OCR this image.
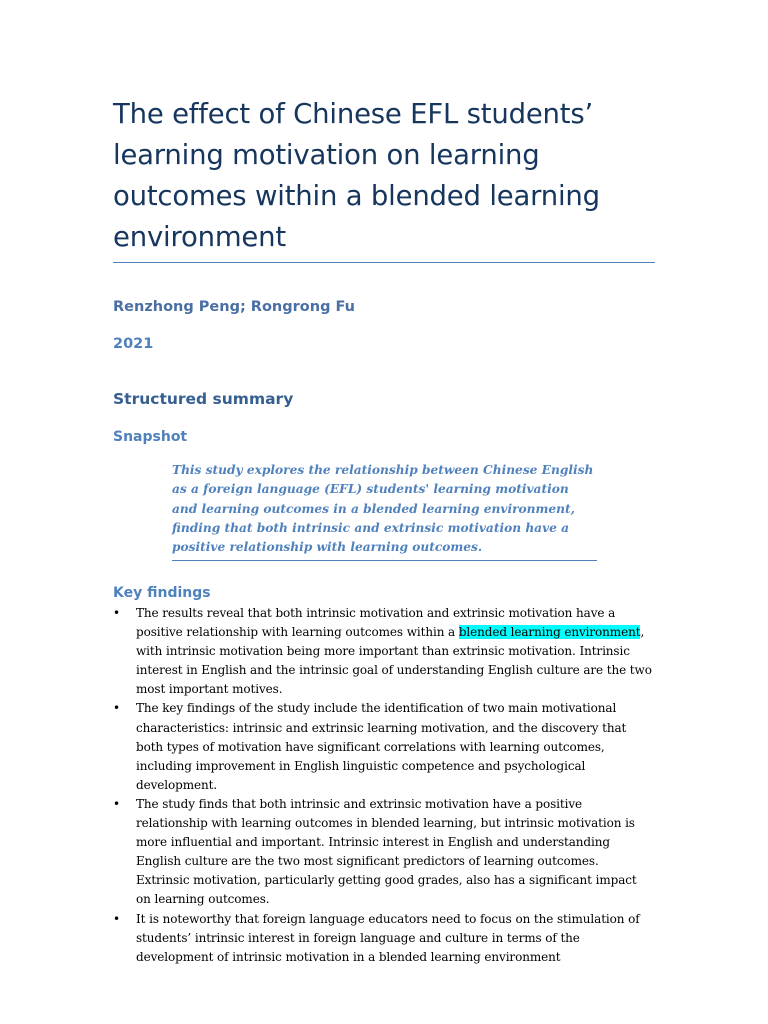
The effect of Chinese EFL students’ learning motivation on learning outcomes within a blended learning environment

Renzhong Peng; Rongrong Fu

2021

Structured summary
Snapshot

This study explores the relationship between Chinese English as a foreign language (EFL) students' learning motivation and learning outcomes in a blended learning environment, finding that both intrinsic and extrinsic motivation have a positive relationship with learning outcomes.

Key findings
• The results reveal that both intrinsic motivation and extrinsic motivation have a positive relationship with learning outcomes within a blended learning environment, with intrinsic motivation being more important than extrinsic motivation. Intrinsic interest in English and the intrinsic goal of understanding English culture are the two most important motives.
• The key findings of the study include the identification of two main motivational characteristics: intrinsic and extrinsic learning motivation, and the discovery that both types of motivation have significant correlations with learning outcomes, including improvement in English linguistic competence and psychological development.
• The study finds that both intrinsic and extrinsic motivation have a positive relationship with learning outcomes in blended learning, but intrinsic motivation is more influential and important. Intrinsic interest in English and understanding English culture are the two most significant predictors of learning outcomes. Extrinsic motivation, particularly getting good grades, also has a significant impact on learning outcomes.
• It is noteworthy that foreign language educators need to focus on the stimulation of students’ intrinsic interest in foreign language and culture in terms of the development of intrinsic motivation in a blended learning environment
